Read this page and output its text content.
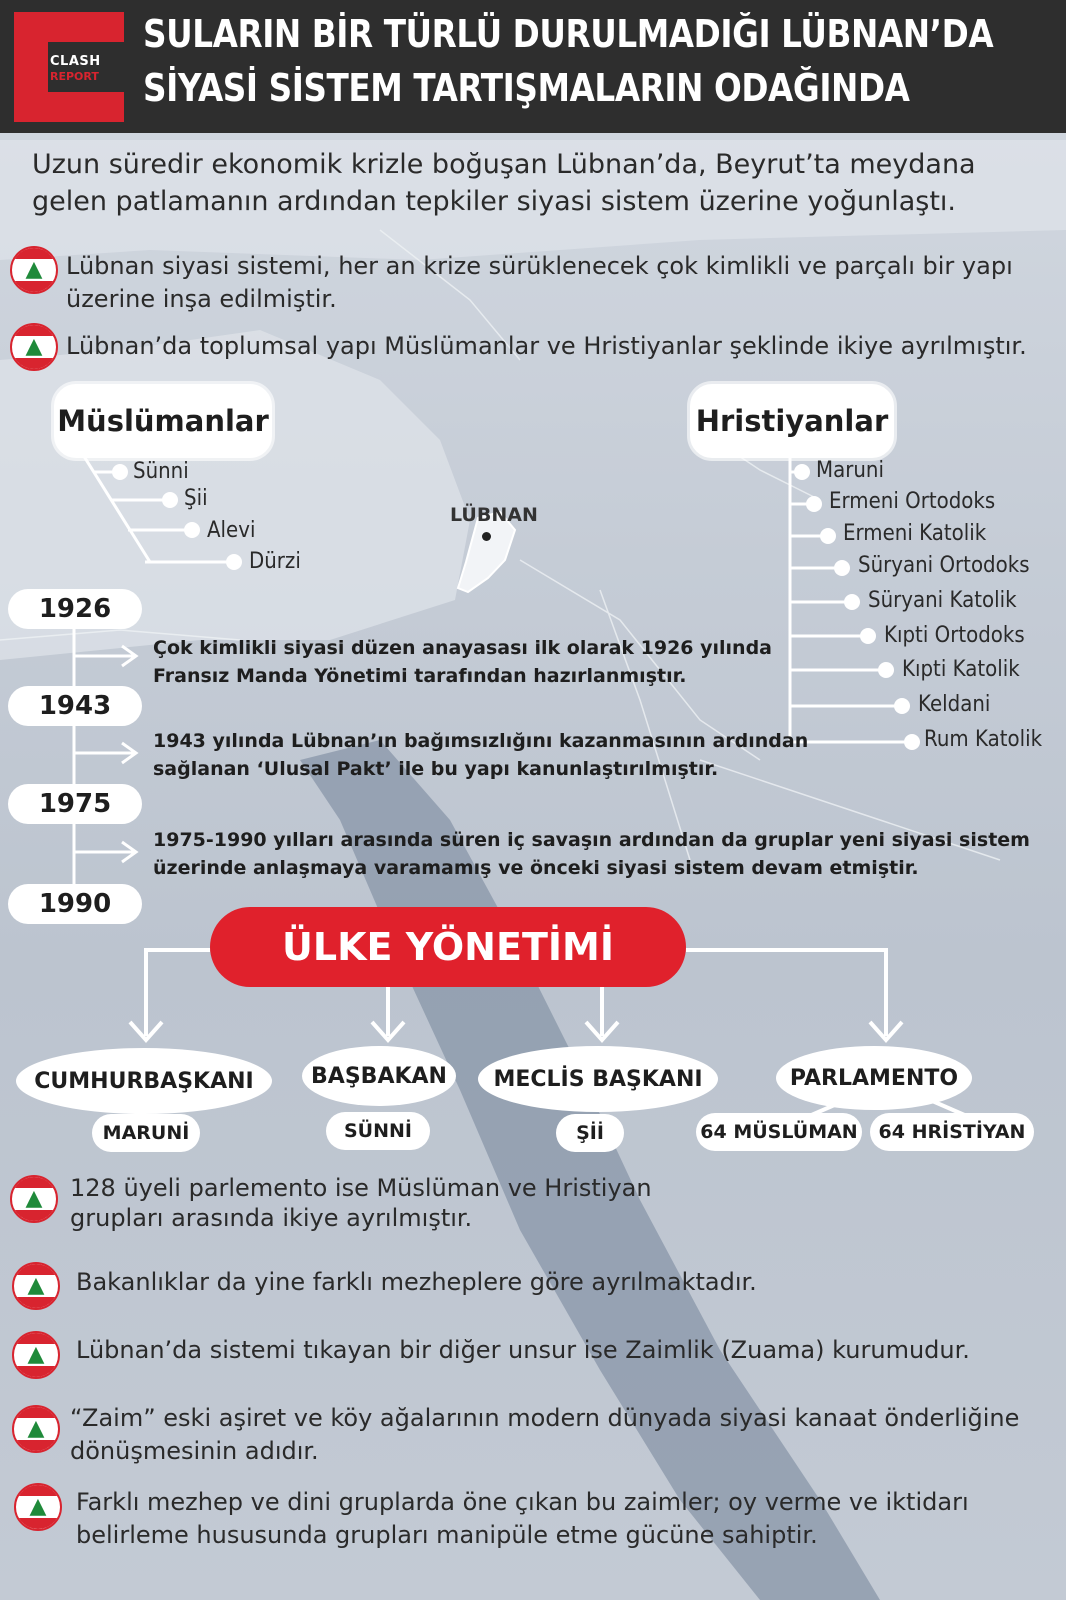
CLASH
REPORT
SULARIN BİR TÜRLÜ DURULMADIĞI LÜBNAN’DA
SİYASİ SİSTEM TARTIŞMALARIN ODAĞINDA
Uzun süredir ekonomik krizle boğuşan Lübnan’da, Beyrut’ta meydana gelen patlamanın ardından tepkiler siyasi sistem üzerine yoğunlaştı.
▲ Lübnan siyasi sistemi, her an krize sürüklenecek çok kimlikli ve parçalı bir yapı üzerine inşa edilmiştir.
▲ Lübnan’da toplumsal yapı Müslümanlar ve Hristiyanlar şeklinde ikiye ayrılmıştır.
Müslümanlar
Sünni
Şii
Alevi
Dürzi
LÜBNAN
Hristiyanlar
Maruni
Ermeni Ortodoks
Ermeni Katolik
Süryani Ortodoks
Süryani Katolik
Kıpti Ortodoks
Kıpti Katolik
Keldani
Rum Katolik
1926
1943
1975
1990
Çok kimlikli siyasi düzen anayasası ilk olarak 1926 yılında
Fransız Manda Yönetimi tarafından hazırlanmıştır.
1943 yılında Lübnan’ın bağımsızlığını kazanmasının ardından
sağlanan ‘Ulusal Pakt’ ile bu yapı kanunlaştırılmıştır.
1975-1990 yılları arasında süren iç savaşın ardından da gruplar yeni siyasi sistem
üzerinde anlaşmaya varamamış ve önceki siyasi sistem devam etmiştir.
ÜLKE YÖNETİMİ
CUMHURBAŞKANI
MARUNİ
BAŞBAKAN
SÜNNİ
MECLİS BAŞKANI
Şİİ
PARLAMENTO
64 MÜSLÜMAN	64 HRİSTİYAN
▲	128 üyeli parlemento ise Müslüman ve Hristiyan grupları arasında ikiye ayrılmıştır.
▲	Bakanlıklar da yine farklı mezheplere göre ayrılmaktadır.
▲	Lübnan’da sistemi tıkayan bir diğer unsur ise Zaimlik (Zuama) kurumudur.
▲	“Zaim” eski aşiret ve köy ağalarının modern dünyada siyasi kanaat önderliğine dönüşmesinin adıdır.
▲	Farklı mezhep ve dini gruplarda öne çıkan bu zaimler; oy verme ve iktidarı belirleme hususunda grupları manipüle etme gücüne sahiptir.
